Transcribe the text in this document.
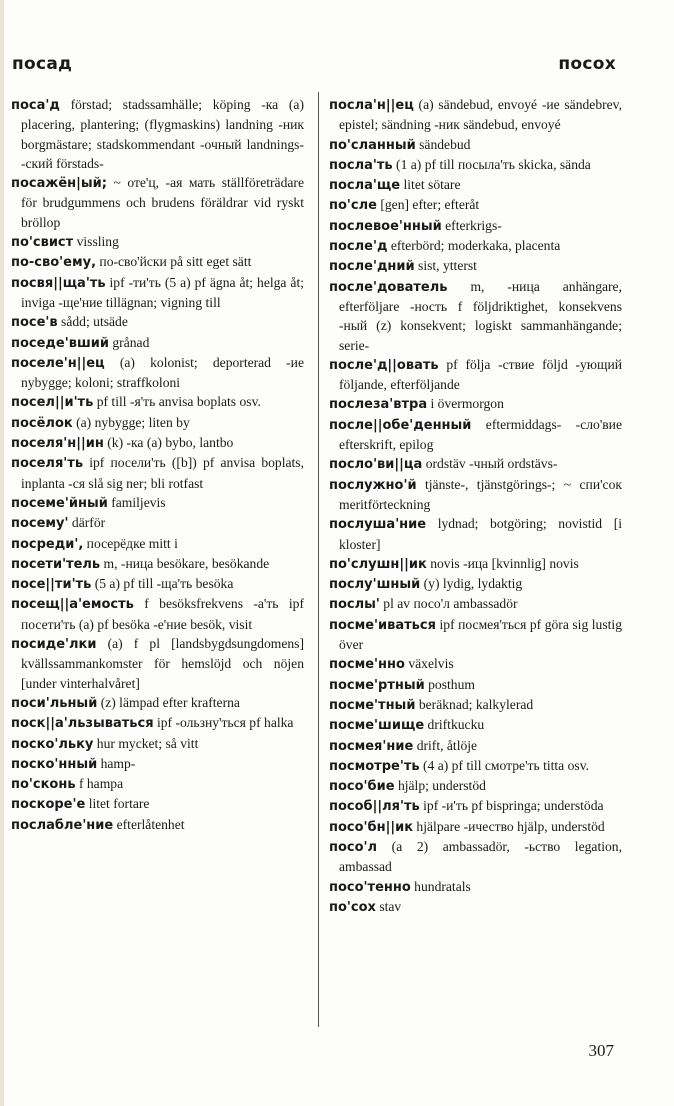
посад	посох

поса'д förstad; stadssamhälle; köping -ка (a) placering, plantering; (flygmaskins) landning -ник borgmästare; stadskommendant -очный landnings- -ский förstads-

посажён|ый; ~ оте'ц, -ая мать ställföreträdare för brudgummens och brudens föräldrar vid ryskt bröllop

по'свист vissling

по-сво'ему, по-сво'йски på sitt eget sätt

посвя||ща'ть ipf -ти'ть (5 a) pf ägna åt; helga åt; inviga -ще'ние tillägnan; vigning till

посе'в sådd; utsäde

поседе'вший grånad

поселе'н||ец (a) kolonist; deporterad -ие nybygge; koloni; straffkoloni

посел||и'ть pf till -я'ть anvisa boplats osv.

посёлок (a) nybygge; liten by

поселя'н||ин (k) -ка (a) bybo, lantbo

поселя'ть ipf посели'ть ([b]) pf anvisa boplats, inplanta -ся slå sig ner; bli rotfast

посеме'йный familjevis

посему' därför

посреди', посерёдке mitt i

посети'тель m, -ница besökare, besökande

посе||ти'ть (5 a) pf till -ща'ть besöka

посещ||а'емость f besöksfrekvens -а'ть ipf посети'ть (a) pf besöka -е'ние besök, visit

посиде'лки (a) f pl [landsbygdsungdomens] kvällssammankomster för hemslöjd och nöjen [under vinterhalvåret]

поси'льный (z) lämpad efter krafterna

поск||а'льзываться ipf -ользну'ться pf halka

поско'льку hur mycket; så vitt

поско'нный hamp-

по'сконь f hampa

поскоре'е litet fortare

послабле'ние efterlåtenhet

посла'н||ец (a) sändebud, envoyé -ие sändebrev, epistel; sändning -ник sändebud, envoyé

по'сланный sändebud

посла'ть (1 a) pf till посыла'ть skicka, sända

посла'ще litet sötare

по'сле [gen] efter; efteråt

послевое'нный efterkrigs-

после'д efterbörd; moderkaka, placenta

после'дний sist, ytterst

после'дователь m, -ница anhängare, efterföljare -ность f följdriktighet, konsekvens -ный (z) konsekvent; logiskt sammanhängande; serie-

после'д||овать pf följa -ствие följd -ующий följande, efterföljande

послеза'втра i övermorgon

после||обе'денный eftermiddags- -сло'вие efterskrift, epilog

посло'ви||ца ordstäv -чный ordstävs-

послужно'й tjänste-, tjänstgörings-; ~ спи'сок meritförteckning

послуша'ние lydnad; botgöring; novistid [i kloster]

по'слушн||ик novis -ица [kvinnlig] novis

послу'шный (y) lydig, lydaktig

послы' pl av посо'л ambassadör

посме'иваться ipf посмея'ться pf göra sig lustig över

посме'нно växelvis

посме'ртный posthum

посме'тный beräknad; kalkylerad

посме'шище driftkucku

посмея'ние drift, åtlöje

посмотре'ть (4 a) pf till смотре'ть titta osv.

посо'бие hjälp; understöd

пособ||ля'ть ipf -и'ть pf bispringa; understöda

посо'бн||ик hjälpare -ичество hjälp, understöd

посо'л (a 2) ambassadör, -ьство legation, ambassad

посо'тенно hundratals

по'сох stav

307
